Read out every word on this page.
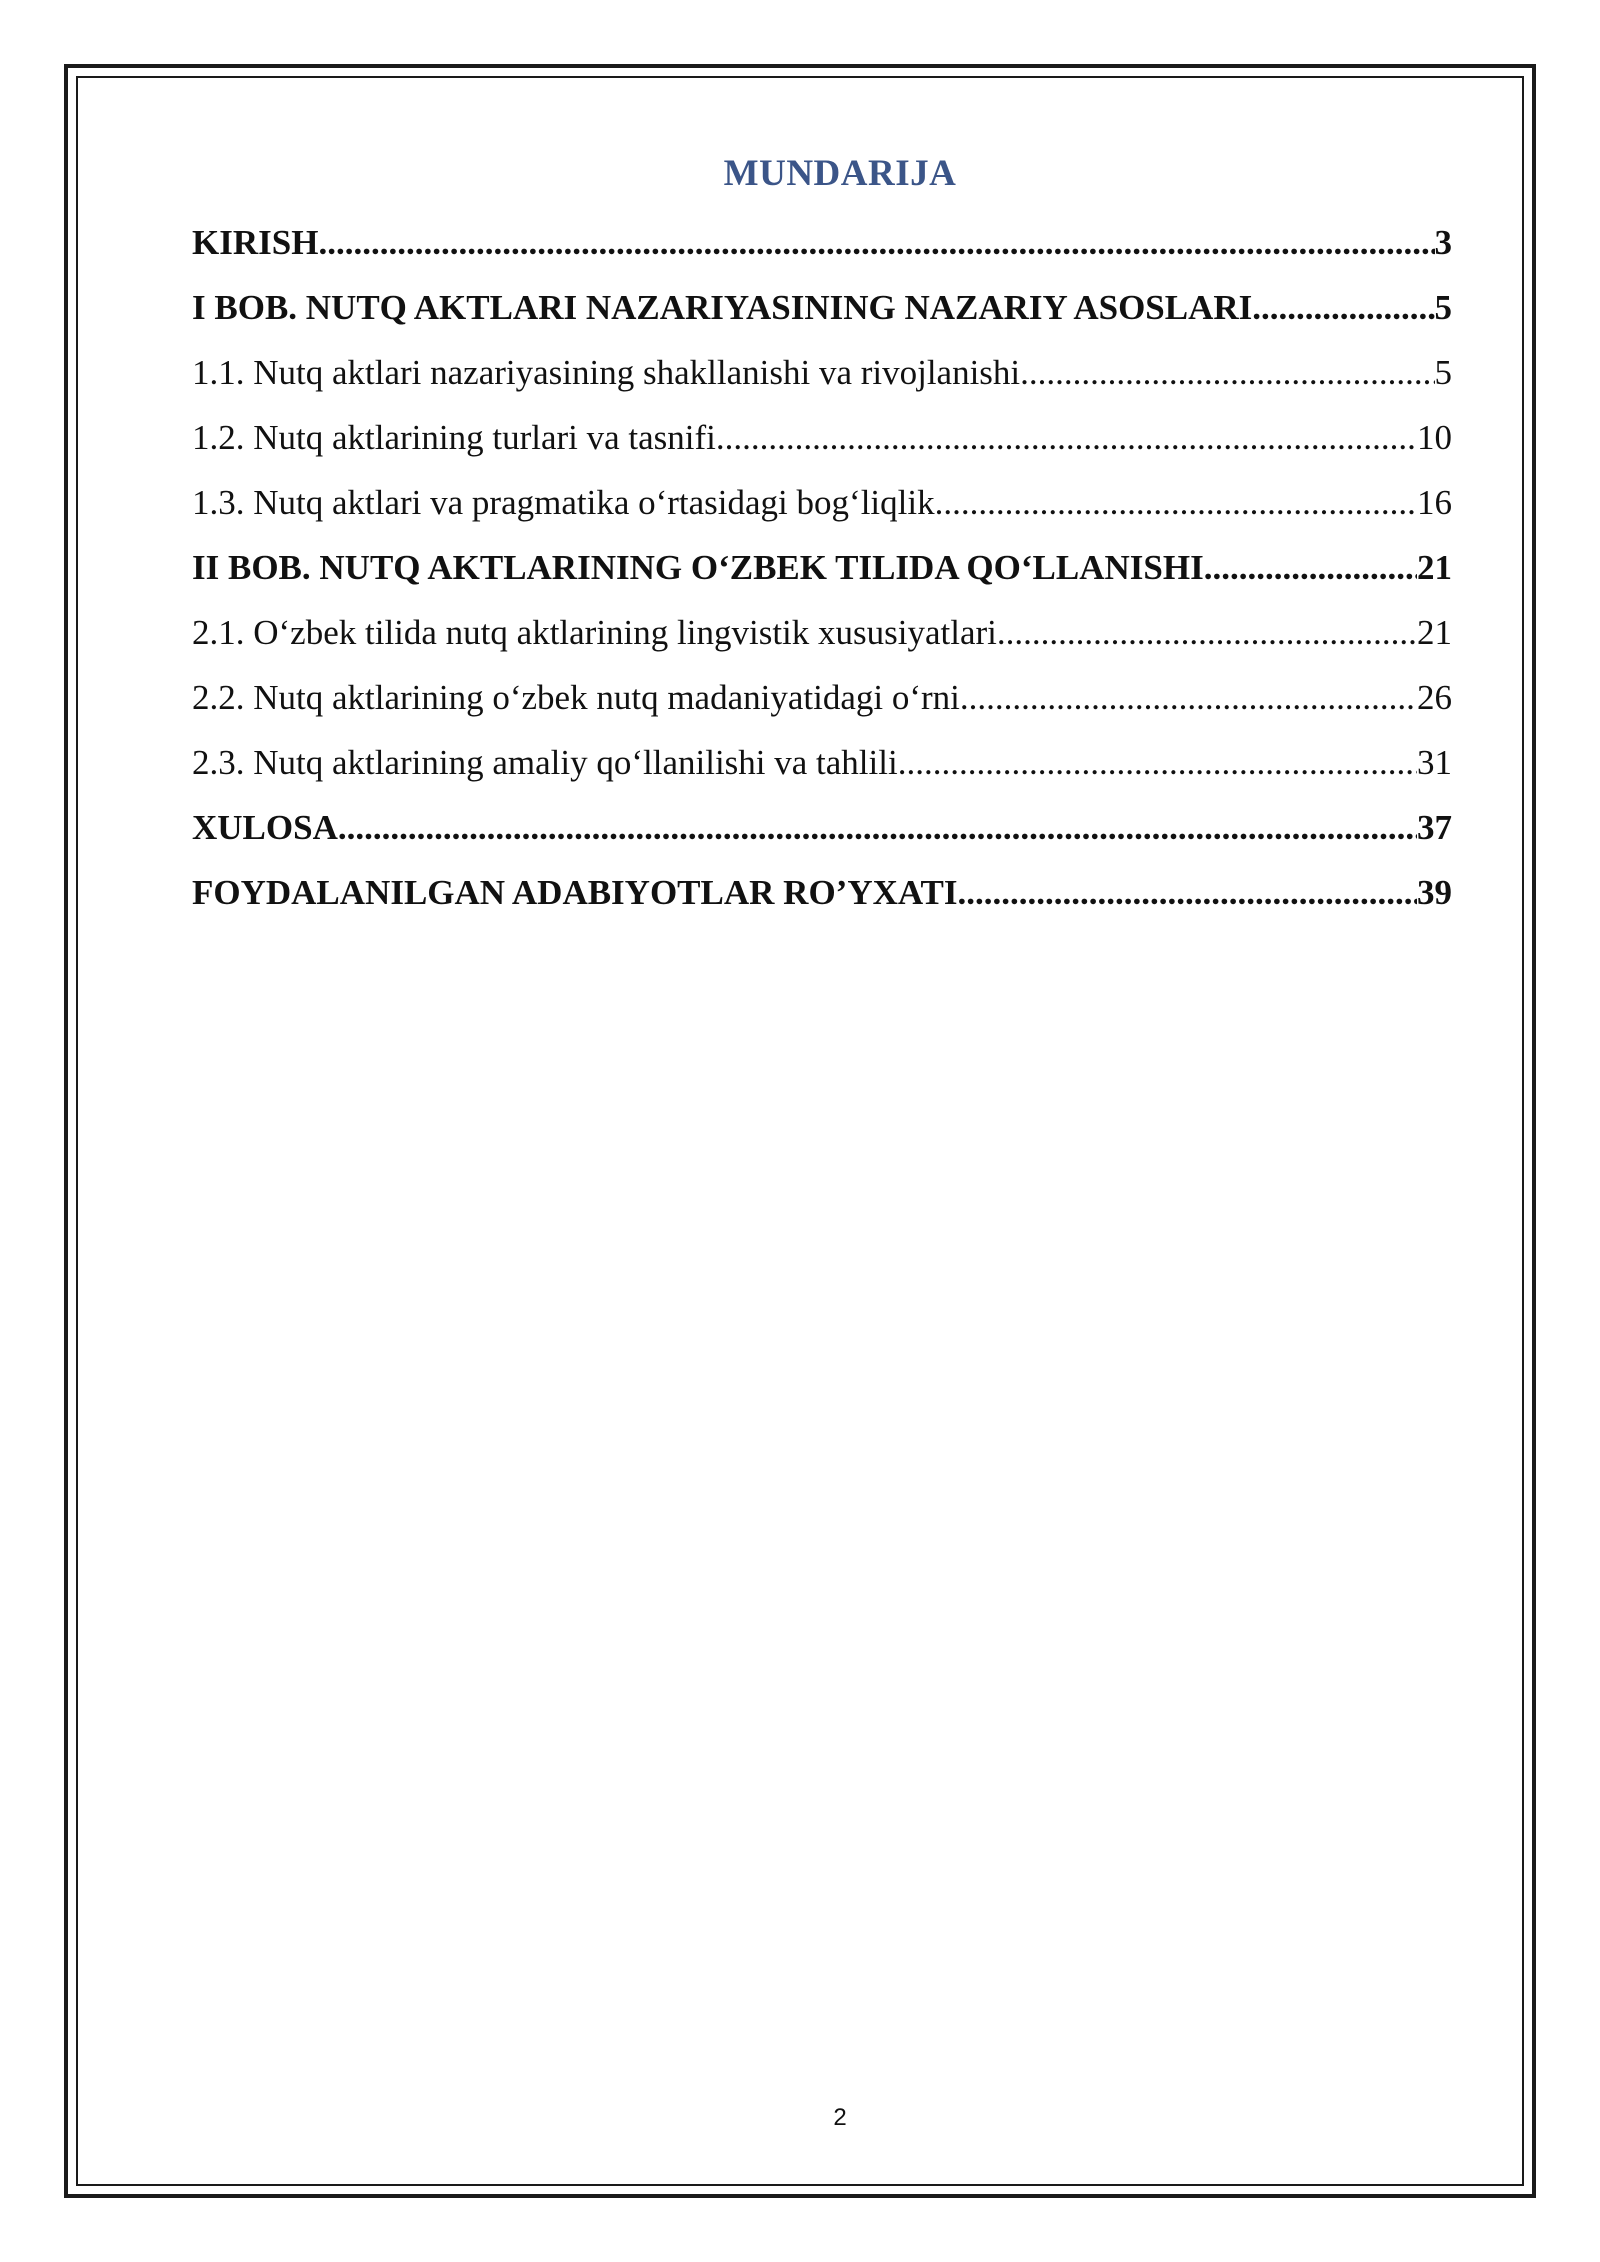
MUNDARIJA
KIRISH .....	3
I BOB. NUTQ AKTLARI NAZARIYASINING NAZARIY ASOSLARI .....	5
1.1. Nutq aktlari nazariyasining shakllanishi va rivojlanishi .....	5
1.2. Nutq aktlarining turlari va tasnifi .....	10
1.3. Nutq aktlari va pragmatika o‘rtasidagi bog‘liqlik .....	16
II BOB. NUTQ AKTLARINING O‘ZBEK TILIDA QO‘LLANISHI .....	21
2.1. O‘zbek tilida nutq aktlarining lingvistik xususiyatlari .....	21
2.2. Nutq aktlarining o‘zbek nutq madaniyatidagi o‘rni .....	26
2.3. Nutq aktlarining amaliy qo‘llanilishi va tahlili .....	31
XULOSA .....	37
FOYDALANILGAN ADABIYOTLAR RO’YXATI .....	39
2
